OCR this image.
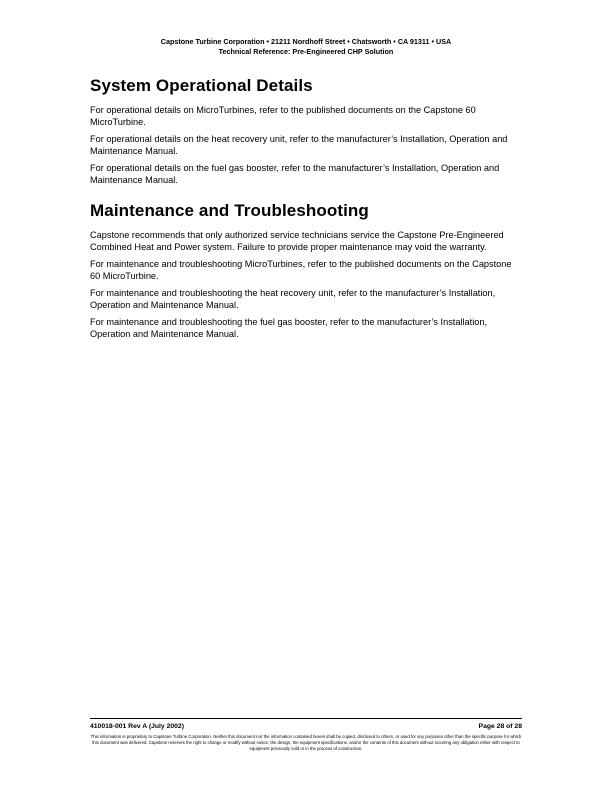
Capstone Turbine Corporation • 21211 Nordhoff Street • Chatsworth • CA 91311 • USA
Technical Reference: Pre-Engineered CHP Solution
System Operational Details

For operational details on MicroTurbines, refer to the published documents on the Capstone 60 MicroTurbine.

For operational details on the heat recovery unit, refer to the manufacturer’s Installation, Operation and Maintenance Manual.

For operational details on the fuel gas booster, refer to the manufacturer’s Installation, Operation and Maintenance Manual.

Maintenance and Troubleshooting

Capstone recommends that only authorized service technicians service the Capstone Pre-Engineered Combined Heat and Power system. Failure to provide proper maintenance may void the warranty.

For maintenance and troubleshooting MicroTurbines, refer to the published documents on the Capstone 60 MicroTurbine.

For maintenance and troubleshooting the heat recovery unit, refer to the manufacturer’s Installation, Operation and Maintenance Manual.

For maintenance and troubleshooting the fuel gas booster, refer to the manufacturer’s Installation, Operation and Maintenance Manual.

410018-001 Rev A (July 2002)	Page 28 of 28
This information is proprietary to Capstone Turbine Corporation. Neither this document nor the information contained herein shall be copied, disclosed to others, or used for any purposes other than the specific purpose for which this document was delivered. Capstone reserves the right to change or modify without notice, the design, the equipment specifications, and/or the contents of this document without incurring any obligation either with respect to equipment previously sold or in the process of construction.
